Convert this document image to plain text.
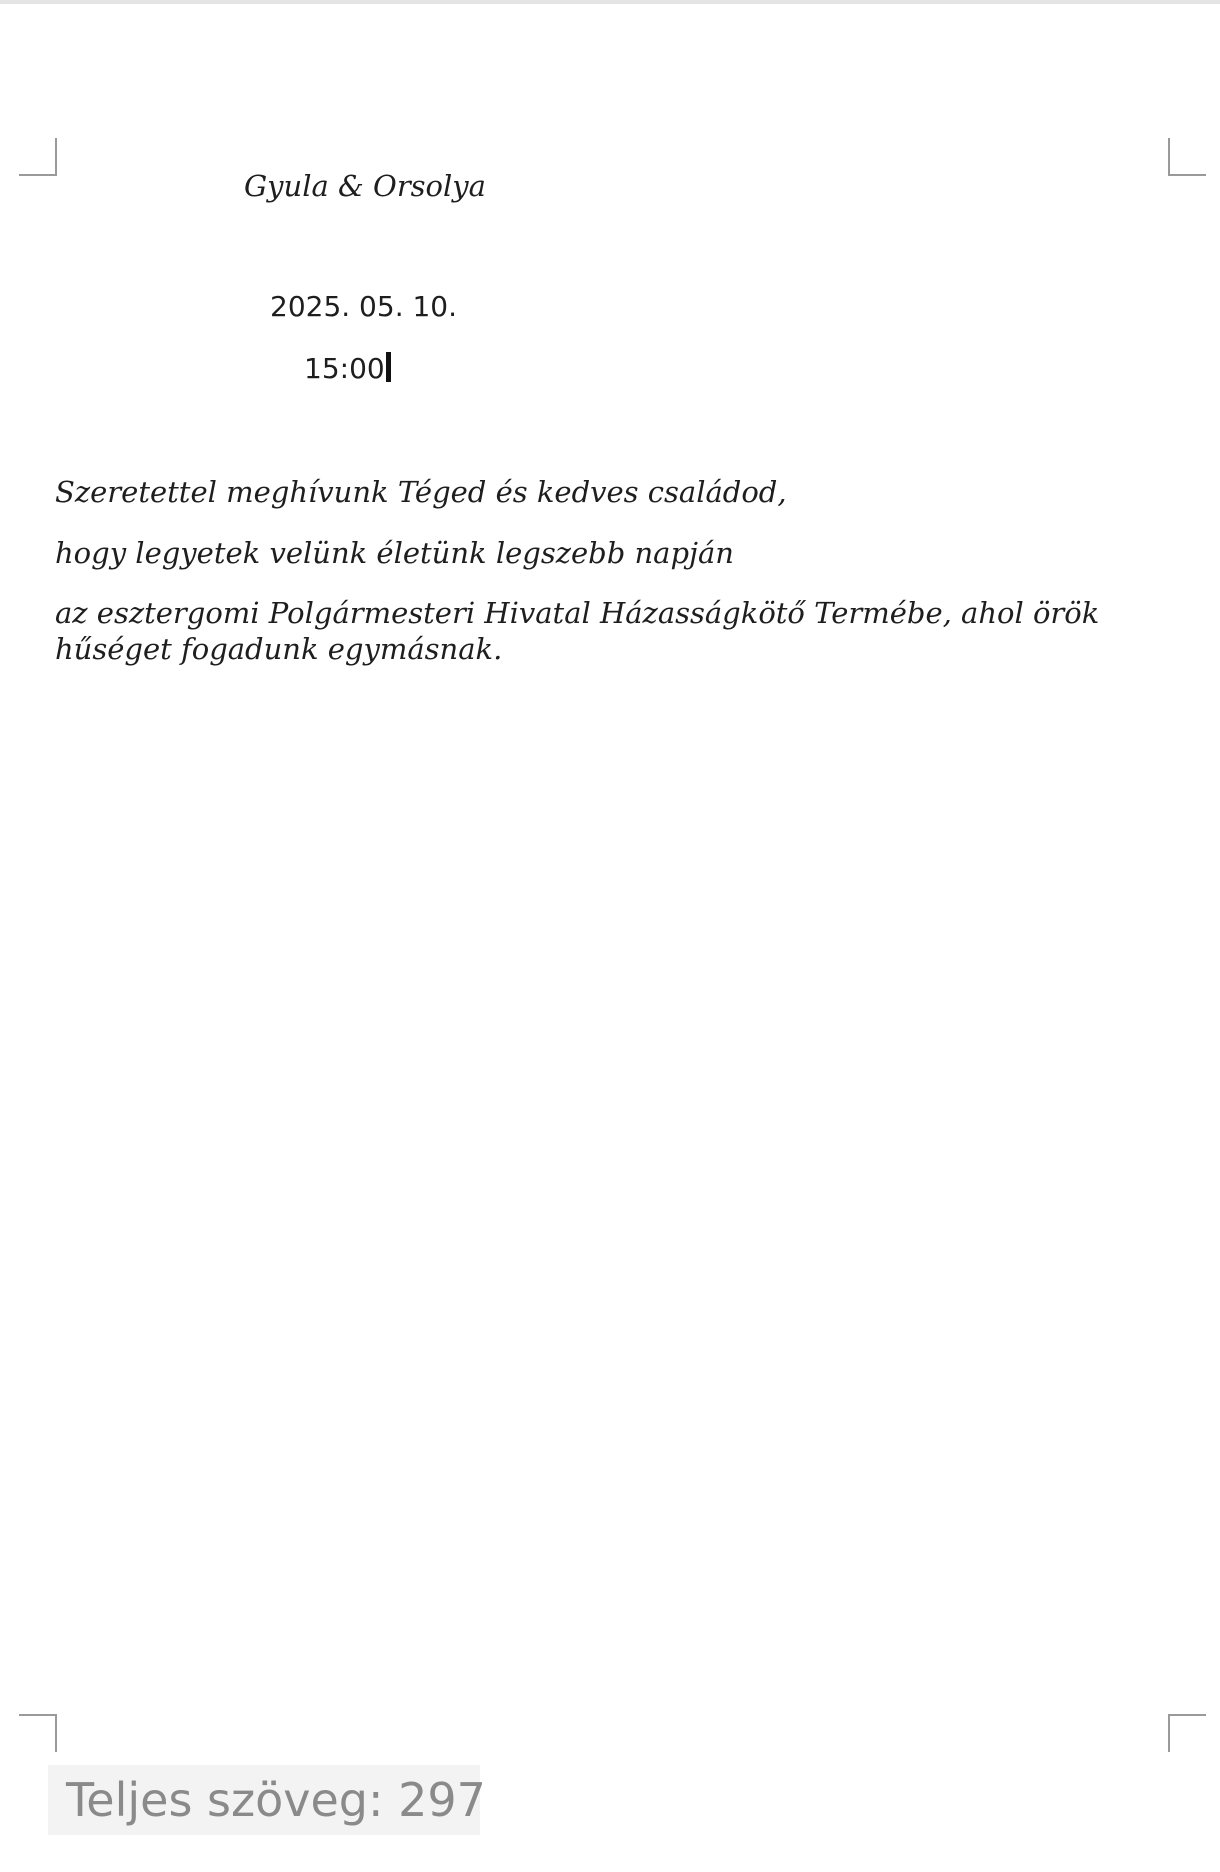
Gyula & Orsolya
2025. 05. 10.
15:00
Szeretettel meghívunk Téged és kedves családod,
hogy legyetek velünk életünk legszebb napján
az esztergomi Polgármesteri Hivatal Házasságkötő Termébe, ahol örök hűséget fogadunk egymásnak.
Teljes szöveg: 297
